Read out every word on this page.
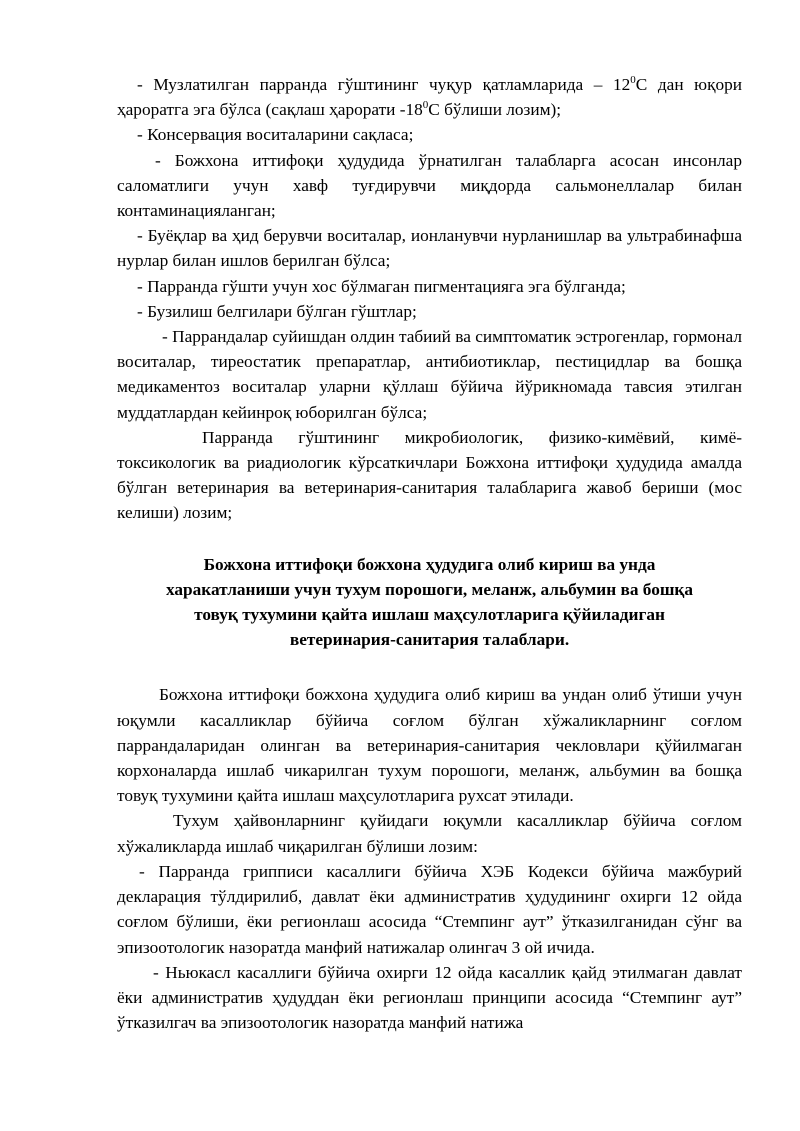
- Музлатилган парранда гўштининг чуқур қатламларида – $12^0С$ дан юқори ҳароратга эга бўлса (сақлаш ҳарорати $-18^0С$ бўлиши лозим);

- Консервация воситаларини сақласа;

- Божхона иттифоқи ҳудудида ўрнатилган талабларга асосан инсонлар саломатлиги учун хавф туғдирувчи миқдорда сальмонеллалар билан контаминацияланган;

- Буёқлар ва ҳид берувчи воситалар, ионланувчи нурланишлар ва ультрабинафша нурлар билан ишлов берилган бўлса;

- Парранда гўшти учун хос бўлмаган пигментацияга эга бўлганда;

- Бузилиш белгилари бўлган гўштлар;

- Паррандалар суйишдан олдин табиий ва симптоматик эстрогенлар, гормонал воситалар, тиреостатик препаратлар, антибиотиклар, пестицидлар ва бошқа медикаментоз воситалар уларни қўллаш бўйича йўрикномада тавсия этилган муддатлардан кейинроқ юборилган бўлса;

Парранда гўштининг микробиологик, физико-кимёвий, кимё-токсикологик ва риадиологик кўрсаткичлари Божхона иттифоқи ҳудудида амалда бўлган ветеринария ва ветеринария-санитария талабларига жавоб бериши (мос келиши) лозим;

Божхона иттифоқи божхона ҳудудига олиб кириш ва унда
харакатланиши учун тухум порошоги, меланж, альбумин ва бошқа
товуқ тухумини қайта ишлаш маҳсулотларига қўйиладиган
ветеринария-санитария талаблари.

Божхона иттифоқи божхона ҳудудига олиб кириш ва ундан олиб ўтиши учун юқумли касалликлар бўйича соғлом бўлган хўжаликларнинг соғлом паррандаларидан олинган ва ветеринария-санитария чекловлари қўйилмаган корхоналарда ишлаб чикарилган тухум порошоги, меланж, альбумин ва бошқа товуқ тухумини қайта ишлаш маҳсулотларига рухсат этилади.

Тухум ҳайвонларнинг қуйидаги юқумли касалликлар бўйича соғлом хўжаликларда ишлаб чиқарилган бўлиши лозим:

- Парранда грипписи касаллиги бўйича ХЭБ Кодекси бўйича мажбурий декларация тўлдирилиб, давлат ёки административ ҳудудининг охирги 12 ойда соғлом бўлиши, ёки регионлаш асосида “Стемпинг аут” ўтказилганидан сўнг ва эпизоотологик назоратда манфий натижалар олингач 3 ой ичида.

- Ньюкасл касаллиги бўйича охирги 12 ойда касаллик қайд этилмаган давлат ёки административ ҳудуддан ёки регионлаш принципи асосида “Стемпинг аут” ўтказилгач ва эпизоотологик назоратда манфий натижа
